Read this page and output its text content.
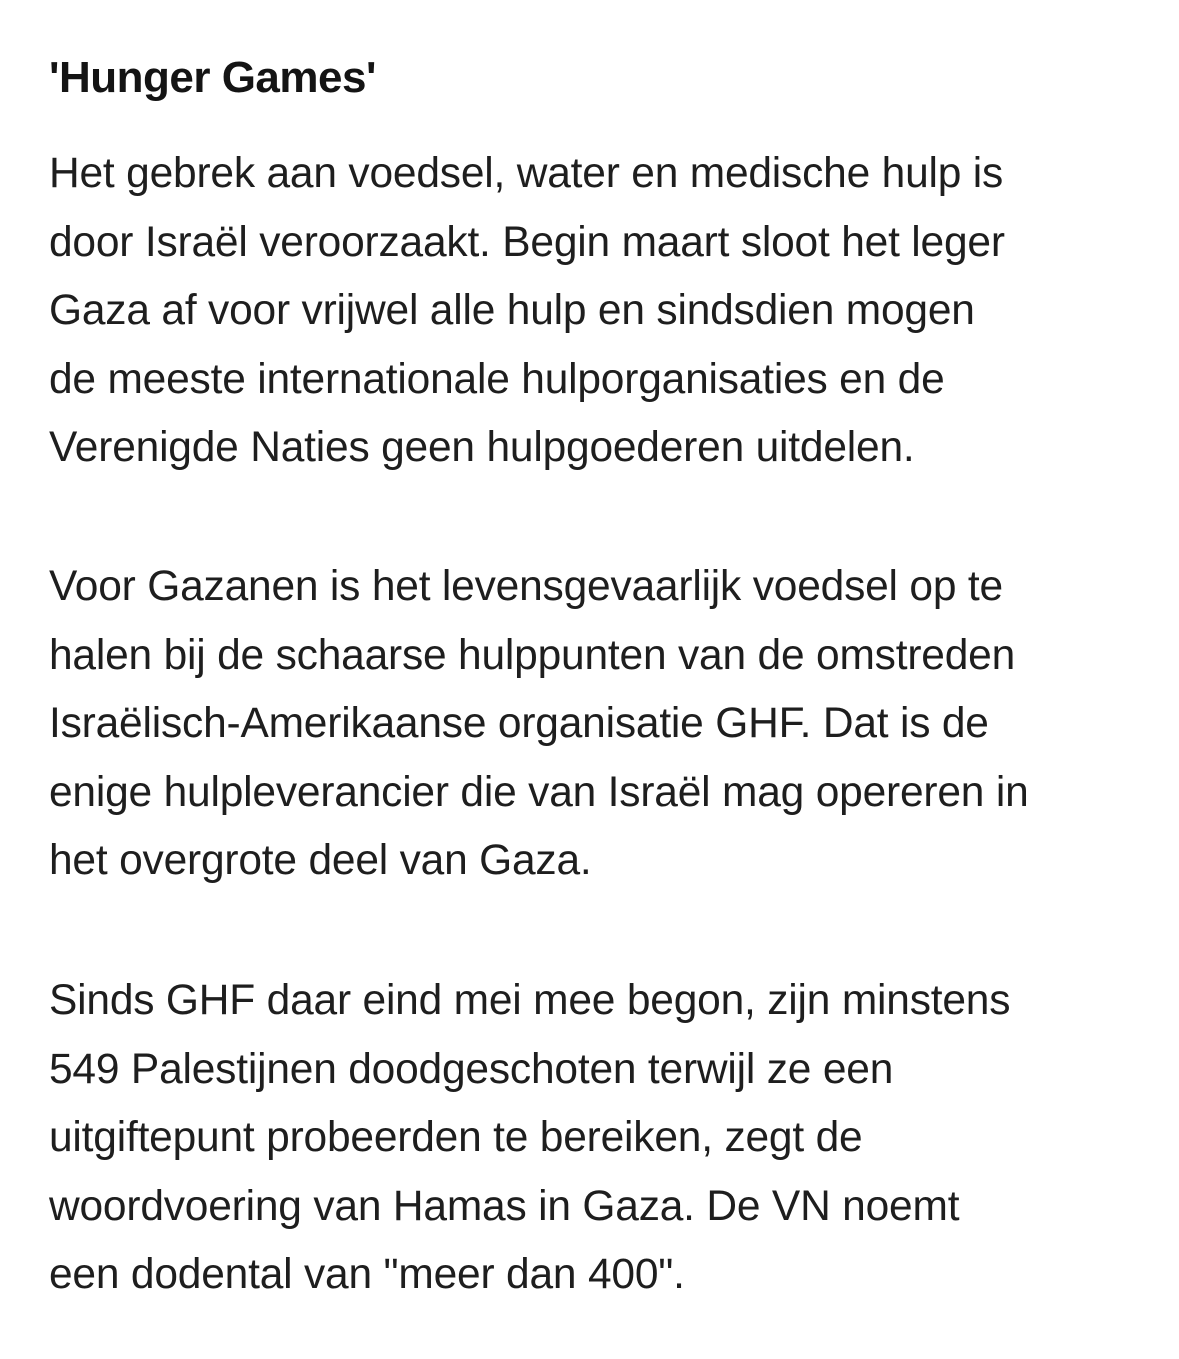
'Hunger Games'

Het gebrek aan voedsel, water en medische hulp is
door Israël veroorzaakt. Begin maart sloot het leger
Gaza af voor vrijwel alle hulp en sindsdien mogen
de meeste internationale hulporganisaties en de
Verenigde Naties geen hulpgoederen uitdelen.

Voor Gazanen is het levensgevaarlijk voedsel op te
halen bij de schaarse hulppunten van de omstreden
Israëlisch-Amerikaanse organisatie GHF. Dat is de
enige hulpleverancier die van Israël mag opereren in
het overgrote deel van Gaza.

Sinds GHF daar eind mei mee begon, zijn minstens
549 Palestijnen doodgeschoten terwijl ze een
uitgiftepunt probeerden te bereiken, zegt de
woordvoering van Hamas in Gaza. De VN noemt
een dodental van "meer dan 400".
